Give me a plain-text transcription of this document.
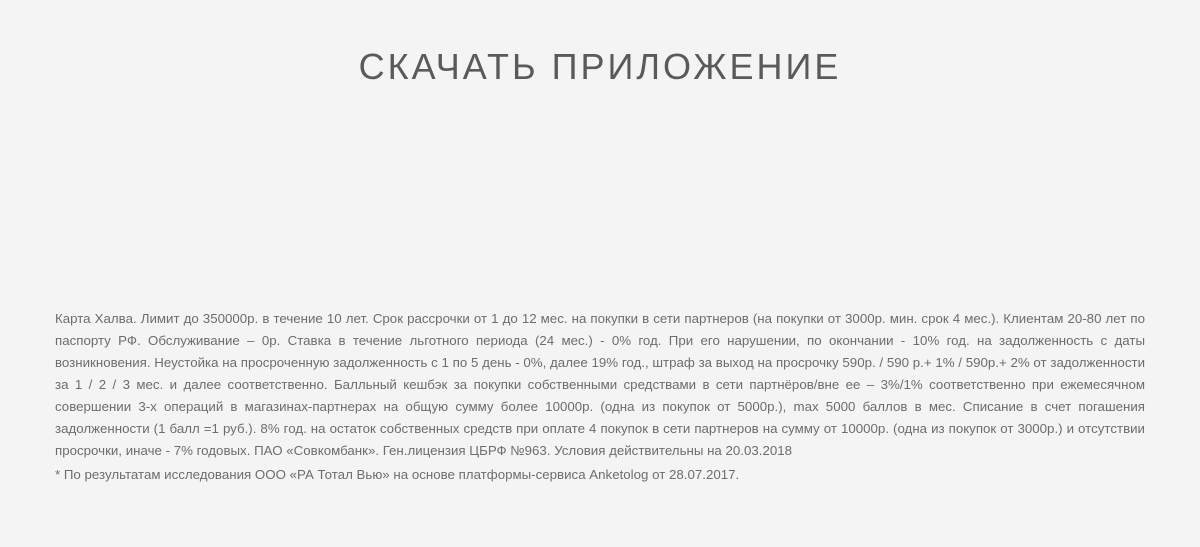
СКАЧАТЬ ПРИЛОЖЕНИЕ

Карта Халва. Лимит до 350000р. в течение 10 лет. Срок рассрочки от 1 до 12 мес. на покупки в сети партнеров (на покупки от 3000р. мин. срок 4 мес.). Клиентам 20-80 лет по паспорту РФ. Обслуживание – 0р. Ставка в течение льготного периода (24 мес.) - 0% год. При его нарушении, по окончании - 10% год. на задолженность с даты возникновения. Неустойка на просроченную задолженность с 1 по 5 день - 0%, далее 19% год., штраф за выход на просрочку 590р. / 590 р.+ 1% / 590р.+ 2% от задолженности за 1 / 2 / 3 мес. и далее соответственно. Балльный кешбэк за покупки собственными средствами в сети партнёров/вне ее – 3%/1% соответственно при ежемесячном совершении 3-х операций в магазинах-партнерах на общую сумму более 10000р. (одна из покупок от 5000р.), max 5000 баллов в мес. Списание в счет погашения задолженности (1 балл =1 руб.). 8% год. на остаток собственных средств при оплате 4 покупок в сети партнеров на сумму от 10000р. (одна из покупок от 3000р.) и отсутствии просрочки, иначе - 7% годовых. ПАО «Совкомбанк». Ген.лицензия ЦБРФ №963. Условия действительны на 20.03.2018

* По результатам исследования ООО «РА Тотал Вью» на основе платформы-сервиса Anketolog от 28.07.2017.
